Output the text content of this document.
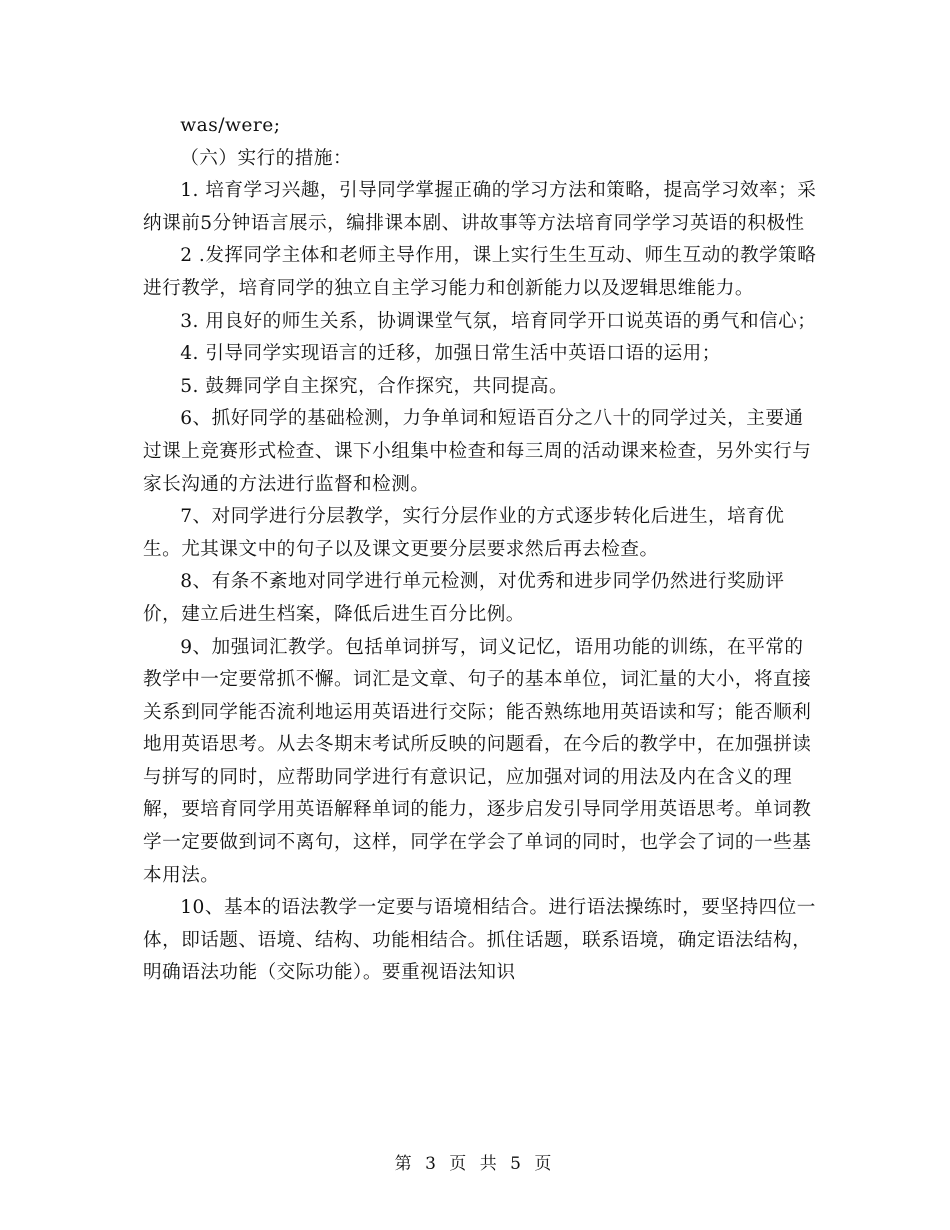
was/were;

（六）实行的措施：

1. 培育学习兴趣，引导同学掌握正确的学习方法和策略，提高学习效率；采纳课前5分钟语言展示，编排课本剧、讲故事等方法培育同学学习英语的积极性

2 .发挥同学主体和老师主导作用，课上实行生生互动、师生互动的教学策略进行教学，培育同学的独立自主学习能力和创新能力以及逻辑思维能力。

3. 用良好的师生关系，协调课堂气氛，培育同学开口说英语的勇气和信心；

4. 引导同学实现语言的迁移，加强日常生活中英语口语的运用；

5. 鼓舞同学自主探究，合作探究，共同提高。

6、抓好同学的基础检测，力争单词和短语百分之八十的同学过关，主要通过课上竞赛形式检查、课下小组集中检查和每三周的活动课来检查，另外实行与家长沟通的方法进行监督和检测。

7、对同学进行分层教学，实行分层作业的方式逐步转化后进生，培育优生。尤其课文中的句子以及课文更要分层要求然后再去检查。

8、有条不紊地对同学进行单元检测，对优秀和进步同学仍然进行奖励评价，建立后进生档案，降低后进生百分比例。

9、加强词汇教学。包括单词拼写，词义记忆，语用功能的训练，在平常的教学中一定要常抓不懈。词汇是文章、句子的基本单位，词汇量的大小，将直接关系到同学能否流利地运用英语进行交际；能否熟练地用英语读和写；能否顺利地用英语思考。从去冬期末考试所反映的问题看，在今后的教学中，在加强拼读与拼写的同时，应帮助同学进行有意识记，应加强对词的用法及内在含义的理解，要培育同学用英语解释单词的能力，逐步启发引导同学用英语思考。单词教学一定要做到词不离句，这样，同学在学会了单词的同时，也学会了词的一些基本用法。

10、基本的语法教学一定要与语境相结合。进行语法操练时，要坚持四位一体，即话题、语境、结构、功能相结合。抓住话题，联系语境，确定语法结构，明确语法功能（交际功能）。要重视语法知识

第 3 页 共 5 页
